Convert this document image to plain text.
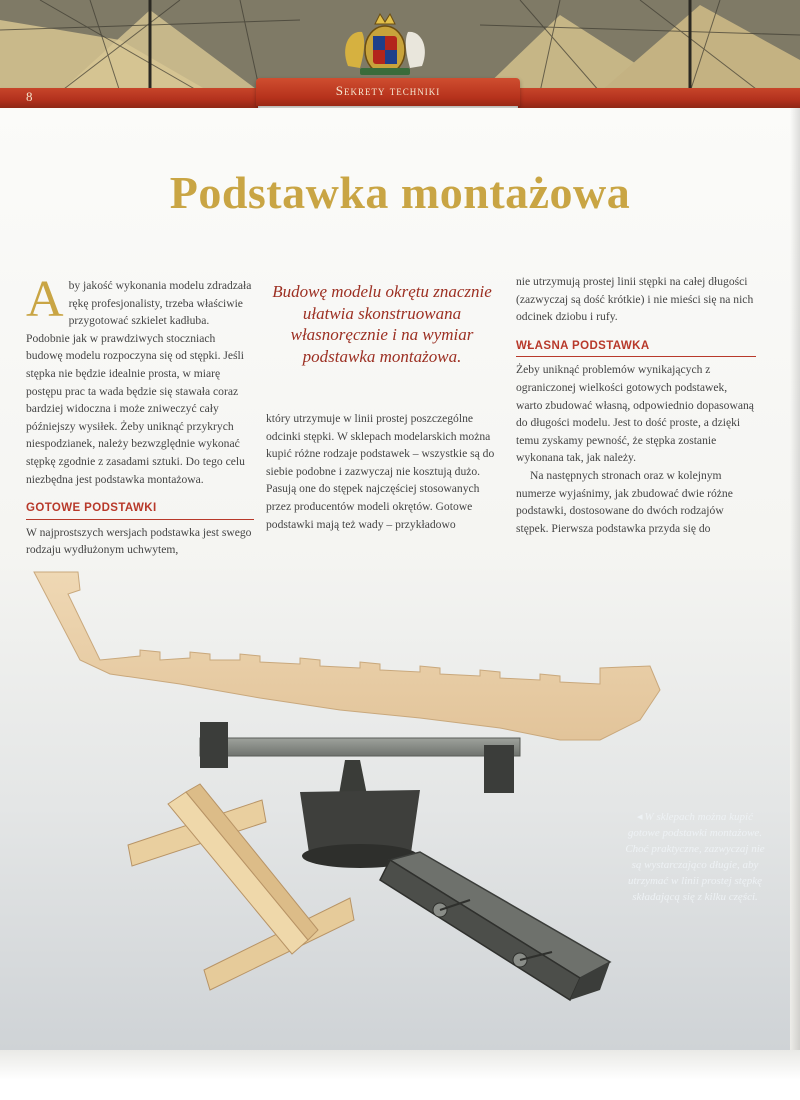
8	Sekrety techniki
Podstawka montażowa

A by jakość wykonania modelu zdradzała rękę profesjonalisty, trzeba właściwie przygotować szkielet kadłuba. Podobnie jak w prawdziwych stoczniach budowę modelu rozpoczyna się od stępki. Jeśli stępka nie będzie idealnie prosta, w miarę postępu prac ta wada będzie się stawała coraz bardziej widoczna i może zniweczyć cały późniejszy wysiłek. Żeby uniknąć przykrych niespodzianek, należy bezwzględnie wykonać stępkę zgodnie z zasadami sztuki. Do tego celu niezbędna jest podstawka montażowa.

GOTOWE PODSTAWKI

W najprostszych wersjach podstawka jest swego rodzaju wydłużonym uchwytem,

Budowę modelu okrętu znacznie ułatwia skonstruowana własnoręcznie i na wymiar podstawka montażowa.

który utrzymuje w linii prostej poszczególne odcinki stępki. W sklepach modelarskich można kupić różne rodzaje podstawek – wszystkie są do siebie podobne i zazwyczaj nie kosztują dużo. Pasują one do stępek najczęściej stosowanych przez producentów modeli okrętów. Gotowe podstawki mają też wady – przykładowo

nie utrzymują prostej linii stępki na całej długości (zazwyczaj są dość krótkie) i nie mieści się na nich odcinek dziobu i rufy.

WŁASNA PODSTAWKA

Żeby uniknąć problemów wynikających z ograniczonej wielkości gotowych podstawek, warto zbudować własną, odpowiednio dopasowaną do długości modelu. Jest to dość proste, a dzięki temu zyskamy pewność, że stępka zostanie wykonana tak, jak należy.

Na następnych stronach oraz w kolejnym numerze wyjaśnimy, jak zbudować dwie różne podstawki, dostosowane do dwóch rodzajów stępek. Pierwsza podstawka przyda się do

◂ W sklepach można kupić gotowe podstawki montażowe. Choć praktyczne, zazwyczaj nie są wystarczająco długie, aby utrzymać w linii prostej stępkę składającą się z kilku części.
